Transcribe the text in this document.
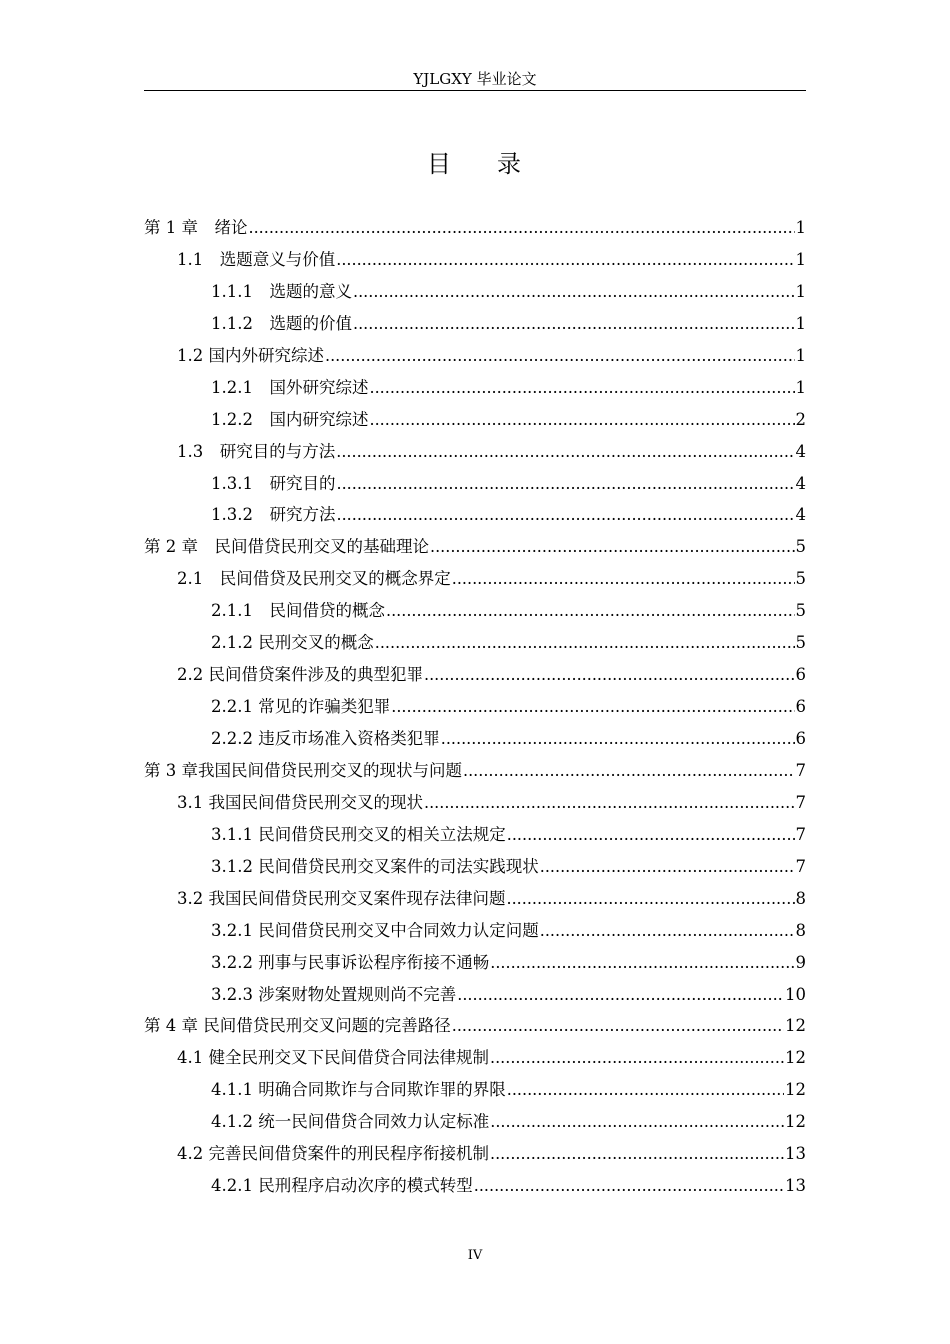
YJLGXY 毕业论文
目 录
第 1 章　绪论 .....	1
1.1　选题意义与价值 .....	1
1.1.1　选题的意义 .....	1
1.1.2　选题的价值 .....	1
1.2 国内外研究综述 .....	1
1.2.1　国外研究综述 .....	1
1.2.2　国内研究综述 .....	2
1.3　研究目的与方法 .....	4
1.3.1　研究目的 .....	4
1.3.2　研究方法 .....	4
第 2 章　民间借贷民刑交叉的基础理论 .....	5
2.1　民间借贷及民刑交叉的概念界定 .....	5
2.1.1　民间借贷的概念 .....	5
2.1.2 民刑交叉的概念 .....	5
2.2 民间借贷案件涉及的典型犯罪 .....	6
2.2.1 常见的诈骗类犯罪 .....	6
2.2.2 违反市场准入资格类犯罪 .....	6
第 3 章我国民间借贷民刑交叉的现状与问题 .....	7
3.1 我国民间借贷民刑交叉的现状 .....	7
3.1.1 民间借贷民刑交叉的相关立法规定 .....	7
3.1.2 民间借贷民刑交叉案件的司法实践现状 .....	7
3.2 我国民间借贷民刑交叉案件现存法律问题 .....	8
3.2.1 民间借贷民刑交叉中合同效力认定问题 .....	8
3.2.2 刑事与民事诉讼程序衔接不通畅 .....	9
3.2.3 涉案财物处置规则尚不完善 .....	10
第 4 章 民间借贷民刑交叉问题的完善路径 .....	12
4.1 健全民刑交叉下民间借贷合同法律规制 .....	12
4.1.1 明确合同欺诈与合同欺诈罪的界限 .....	12
4.1.2 统一民间借贷合同效力认定标准 .....	12
4.2 完善民间借贷案件的刑民程序衔接机制 .....	13
4.2.1 民刑程序启动次序的模式转型 .....	13
IV
